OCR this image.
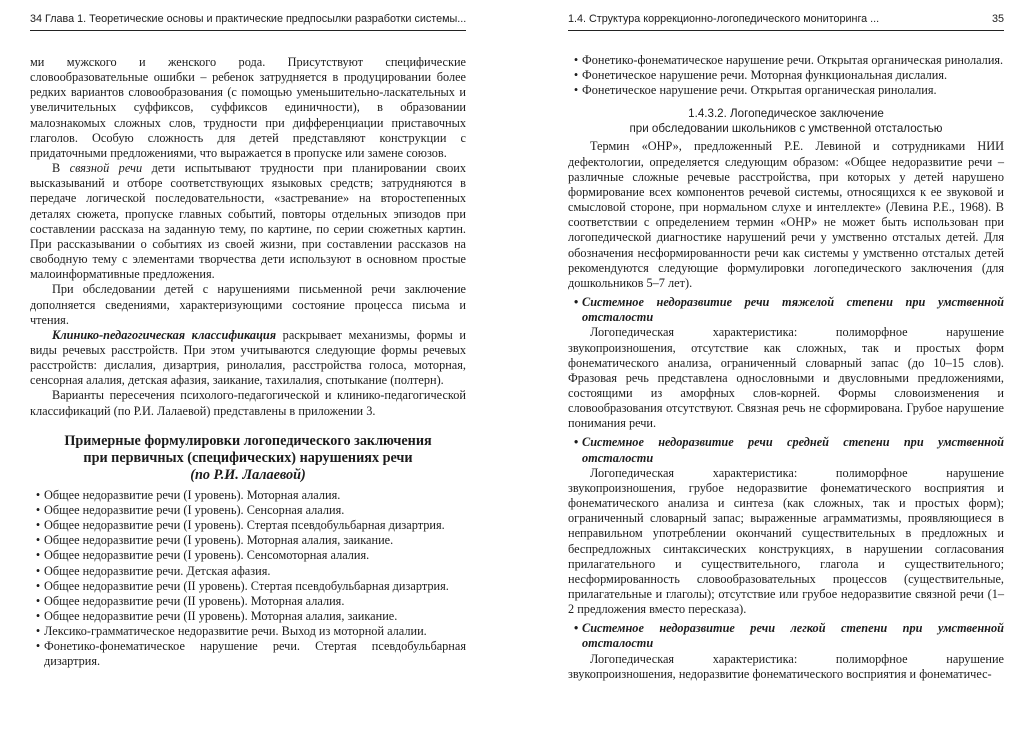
34 Глава 1. Теоретические основы и практические предпосылки разработки системы...

ми мужского и женского рода. Присутствуют специфические словообразовательные ошибки – ребенок затрудняется в продуцировании более редких вариантов словообразования (с помощью уменьшительно-ласкательных и увеличительных суффиксов, суффиксов единичности), в образовании малознакомых сложных слов, трудности при дифференциации приставочных глаголов. Особую сложность для детей представляют конструкции с придаточными предложениями, что выражается в пропуске или замене союзов.

В связной речи дети испытывают трудности при планировании своих высказываний и отборе соответствующих языковых средств; затрудняются в передаче логической последовательности, «застревание» на второстепенных деталях сюжета, пропуске главных событий, повторы отдельных эпизодов при составлении рассказа на заданную тему, по картине, по серии сюжетных картин. При рассказывании о событиях из своей жизни, при составлении рассказов на свободную тему с элементами творчества дети используют в основном простые малоинформативные предложения.

При обследовании детей с нарушениями письменной речи заключение дополняется сведениями, характеризующими состояние процесса письма и чтения.

Клинико-педагогическая классификация раскрывает механизмы, формы и виды речевых расстройств. При этом учитываются следующие формы речевых расстройств: дислалия, дизартрия, ринолалия, расстройства голоса, моторная, сенсорная алалия, детская афазия, заикание, тахилалия, спотыкание (полтерн).

Варианты пересечения психолого-педагогической и клинико-педагогической классификаций (по Р.И. Лалаевой) представлены в приложении 3.

Примерные формулировки логопедического заключения
при первичных (специфических) нарушениях речи
(по Р.И. Лалаевой)
• Общее недоразвитие речи (I уровень). Моторная алалия.
• Общее недоразвитие речи (I уровень). Сенсорная алалия.
• Общее недоразвитие речи (I уровень). Стертая псевдобульбарная дизартрия.
• Общее недоразвитие речи (I уровень). Моторная алалия, заикание.
• Общее недоразвитие речи (I уровень). Сенсомоторная алалия.
• Общее недоразвитие речи. Детская афазия.
• Общее недоразвитие речи (II уровень). Стертая псевдобульбарная дизартрия.
• Общее недоразвитие речи (II уровень). Моторная алалия.
• Общее недоразвитие речи (II уровень). Моторная алалия, заикание.
• Лексико-грамматическое недоразвитие речи. Выход из моторной алалии.
• Фонетико-фонематическое нарушение речи. Стертая псевдобульбарная дизартрия.
1.4. Структура коррекционно-логопедического мониторинга ...	35
• Фонетико-фонематическое нарушение речи. Открытая органическая ринолалия.
• Фонетическое нарушение речи. Моторная функциональная дислалия.
• Фонетическое нарушение речи. Открытая органическая ринолалия.
1.4.3.2. Логопедическое заключение
при обследовании школьников с умственной отсталостью

Термин «ОНР», предложенный Р.Е. Левиной и сотрудниками НИИ дефектологии, определяется следующим образом: «Общее недоразвитие речи – различные сложные речевые расстройства, при которых у детей нарушено формирование всех компонентов речевой системы, относящихся к ее звуковой и смысловой стороне, при нормальном слухе и интеллекте» (Левина Р.Е., 1968). В соответствии с определением термин «ОНР» не может быть использован при логопедической диагностике нарушений речи у умственно отсталых детей. Для обозначения несформированности речи как системы у умственно отсталых детей рекомендуются следующие формулировки логопедического заключения (для дошкольников 5–7 лет).

• Системное недоразвитие речи тяжелой степени при умственной отсталости

Логопедическая характеристика: полиморфное нарушение звукопроизношения, отсутствие как сложных, так и простых форм фонематического анализа, ограниченный словарный запас (до 10–15 слов). Фразовая речь представлена однословными и двусловными предложениями, состоящими из аморфных слов-корней. Формы словоизменения и словообразования отсутствуют. Связная речь не сформирована. Грубое нарушение понимания речи.

• Системное недоразвитие речи средней степени при умственной отсталости

Логопедическая характеристика: полиморфное нарушение звукопроизношения, грубое недоразвитие фонематического восприятия и фонематического анализа и синтеза (как сложных, так и простых форм); ограниченный словарный запас; выраженные аграмматизмы, проявляющиеся в неправильном употреблении окончаний существительных в предложных и беспредложных синтаксических конструкциях, в нарушении согласования прилагательного и существительного, глагола и существительного; несформированность словообразовательных процессов (существительные, прилагательные и глаголы); отсутствие или грубое недоразвитие связной речи (1–2 предложения вместо пересказа).

• Системное недоразвитие речи легкой степени при умственной отсталости

Логопедическая характеристика: полиморфное нарушение звукопроизношения, недоразвитие фонематического восприятия и фонематичес-
